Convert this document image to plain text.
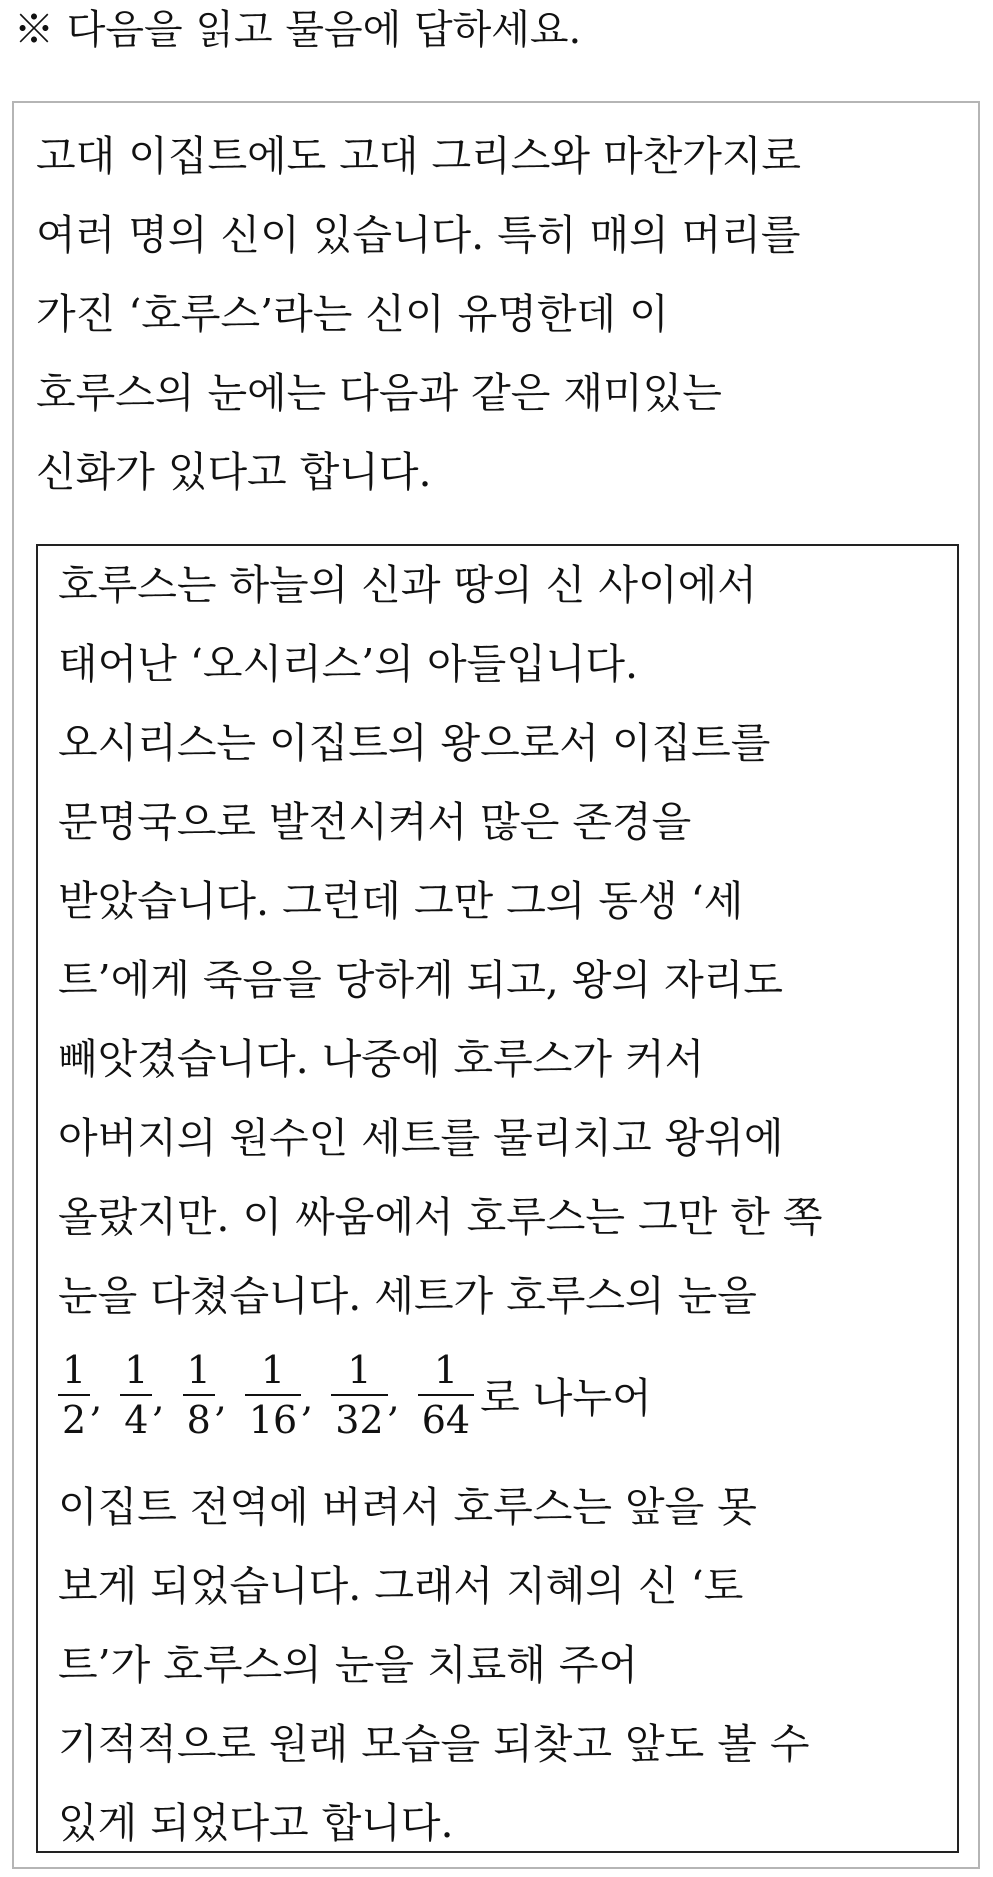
※ 다음을 읽고 물음에 답하세요.
고대 이집트에도 고대 그리스와 마찬가지로
여러 명의 신이 있습니다. 특히 매의 머리를
가진 ‘호루스’라는 신이 유명한데 이
호루스의 눈에는 다음과 같은 재미있는
신화가 있다고 합니다.
호루스는 하늘의 신과 땅의 신 사이에서
태어난 ‘오시리스’의 아들입니다.
오시리스는 이집트의 왕으로서 이집트를
문명국으로 발전시켜서 많은 존경을
받았습니다. 그런데 그만 그의 동생 ‘세
트’에게 죽음을 당하게 되고, 왕의 자리도
빼앗겼습니다. 나중에 호루스가 커서
아버지의 원수인 세트를 물리치고 왕위에
올랐지만. 이 싸움에서 호루스는 그만 한 쪽
눈을 다쳤습니다. 세트가 호루스의 눈을
$\frac{1}{2}$ , $\frac{1}{4}$ , $\frac{1}{8}$ , $\frac{1}{16}$ , $\frac{1}{32}$ , $\frac{1}{64}$ 로 나누어
이집트 전역에 버려서 호루스는 앞을 못
보게 되었습니다. 그래서 지혜의 신 ‘토
트’가 호루스의 눈을 치료해 주어
기적적으로 원래 모습을 되찾고 앞도 볼 수
있게 되었다고 합니다.
